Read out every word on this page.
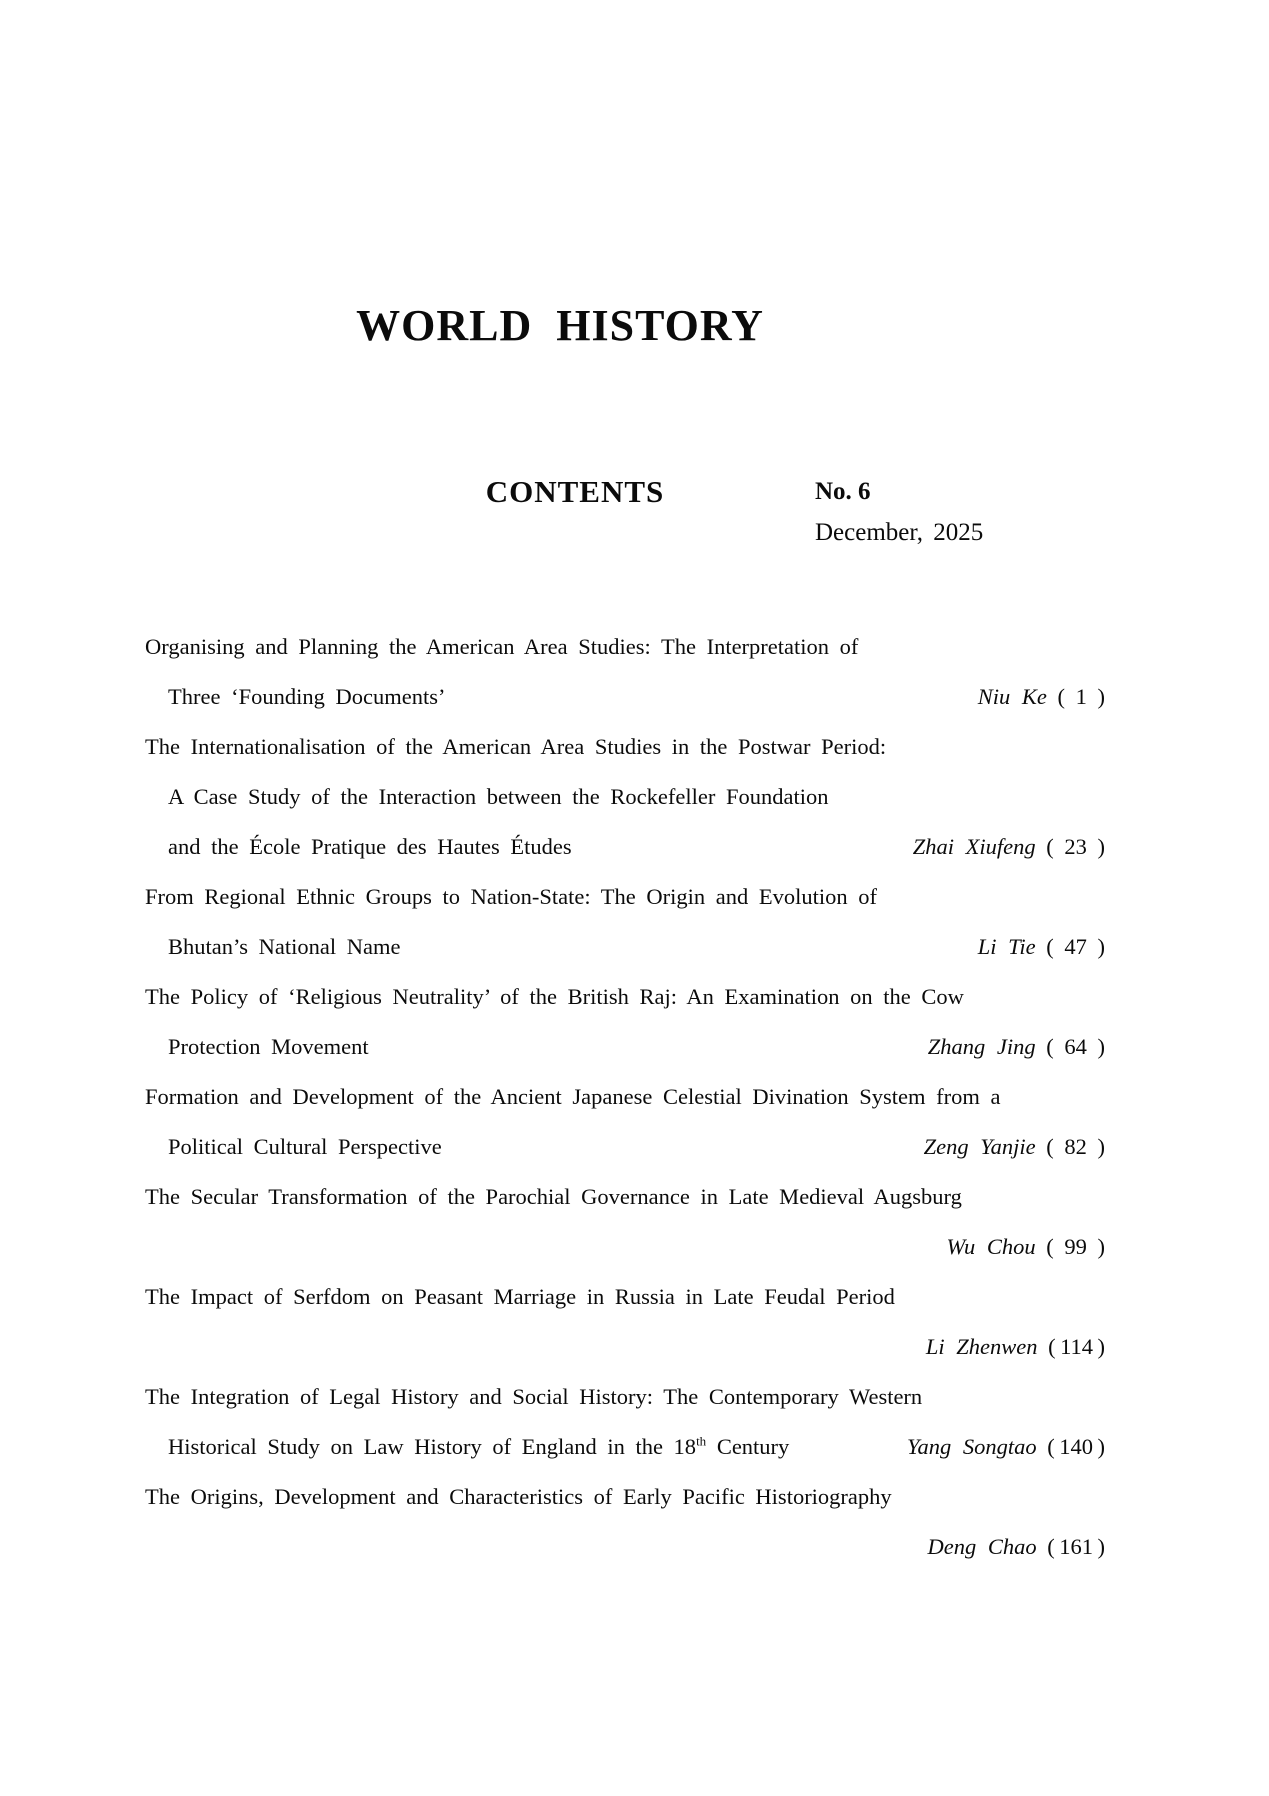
WORLD HISTORY
CONTENTS	No. 6
December, 2025
Organising and Planning the American Area Studies: The Interpretation of
Three ‘Founding Documents’	Niu Ke ( 1 )
The Internationalisation of the American Area Studies in the Postwar Period:
A Case Study of the Interaction between the Rockefeller Foundation
and the École Pratique des Hautes Études	Zhai Xiufeng ( 23 )
From Regional Ethnic Groups to Nation-State: The Origin and Evolution of
Bhutan’s National Name	Li Tie ( 47 )
The Policy of ‘Religious Neutrality’ of the British Raj: An Examination on the Cow
Protection Movement	Zhang Jing ( 64 )
Formation and Development of the Ancient Japanese Celestial Divination System from a
Political Cultural Perspective	Zeng Yanjie ( 82 )
The Secular Transformation of the Parochial Governance in Late Medieval Augsburg
Wu Chou ( 99 )
The Impact of Serfdom on Peasant Marriage in Russia in Late Feudal Period
Li Zhenwen ( 114 )
The Integration of Legal History and Social History: The Contemporary Western
Historical Study on Law History of England in the 18th Century	Yang Songtao ( 140 )
The Origins, Development and Characteristics of Early Pacific Historiography
Deng Chao ( 161 )
